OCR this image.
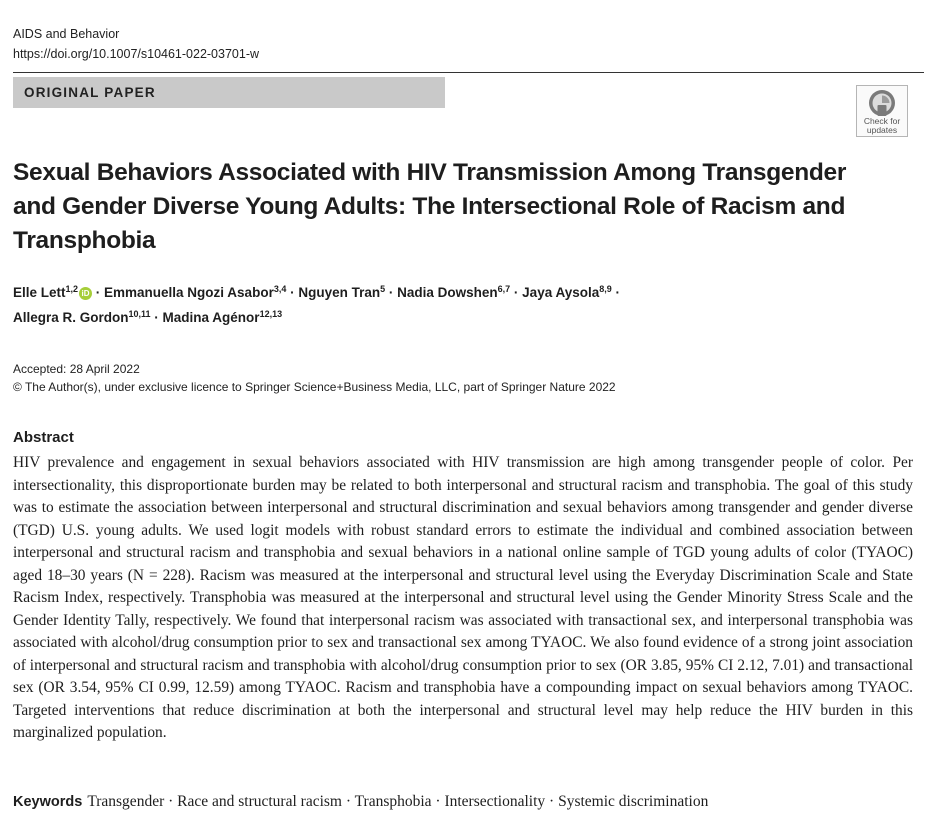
AIDS and Behavior
https://doi.org/10.1007/s10461-022-03701-w
ORIGINAL PAPER
Check for
updates
Sexual Behaviors Associated with HIV Transmission Among Transgender and Gender Diverse Young Adults: The Intersectional Role of Racism and Transphobia
Elle Lett$^{1,2}$ iD · Emmanuella Ngozi Asabor$^{3,4}$ · Nguyen Tran$^5$ · Nadia Dowshen$^{6,7}$ · Jaya Aysola$^{8,9}$ ·
Allegra R. Gordon$^{10,11}$ · Madina Agénor$^{12,13}$
Accepted: 28 April 2022
© The Author(s), under exclusive licence to Springer Science+Business Media, LLC, part of Springer Nature 2022
Abstract
HIV prevalence and engagement in sexual behaviors associated with HIV transmission are high among transgender people of color. Per intersectionality, this disproportionate burden may be related to both interpersonal and structural racism and transphobia. The goal of this study was to estimate the association between interpersonal and structural discrimination and sexual behaviors among transgender and gender diverse (TGD) U.S. young adults. We used logit models with robust standard errors to estimate the individual and combined association between interpersonal and structural racism and transphobia and sexual behaviors in a national online sample of TGD young adults of color (TYAOC) aged 18–30 years (N = 228). Racism was measured at the interpersonal and structural level using the Everyday Discrimination Scale and State Racism Index, respectively. Transphobia was measured at the interpersonal and structural level using the Gender Minority Stress Scale and the Gender Identity Tally, respectively. We found that interpersonal racism was associated with transactional sex, and interpersonal transphobia was associated with alcohol/drug consumption prior to sex and transactional sex among TYAOC. We also found evidence of a strong joint association of interpersonal and structural racism and transphobia with alcohol/drug consumption prior to sex (OR 3.85, 95% CI 2.12, 7.01) and transactional sex (OR 3.54, 95% CI 0.99, 12.59) among TYAOC. Racism and transphobia have a compounding impact on sexual behaviors among TYAOC. Targeted interventions that reduce discrimination at both the interpersonal and structural level may help reduce the HIV burden in this marginalized population.
Keywords Transgender · Race and structural racism · Transphobia · Intersectionality · Systemic discrimination
